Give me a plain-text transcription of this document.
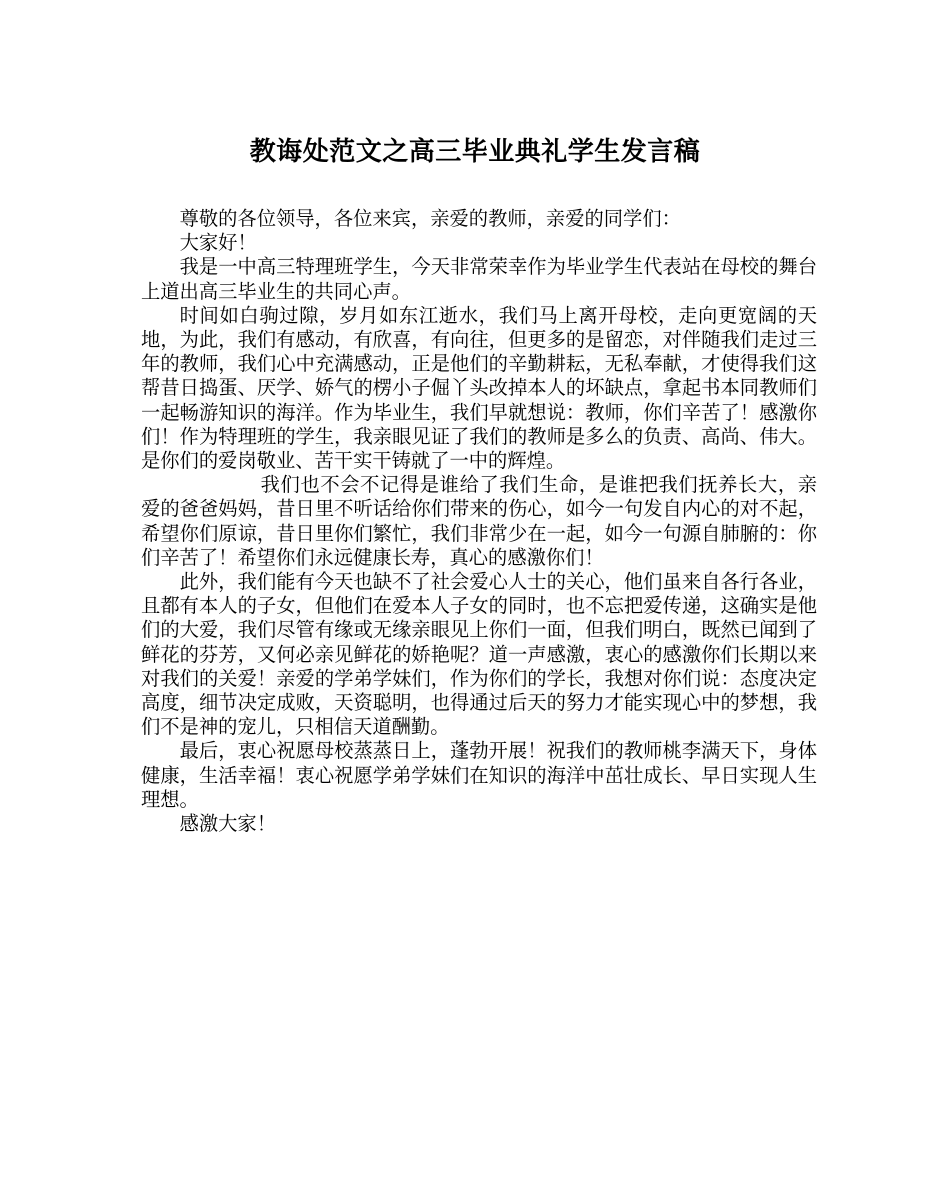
教诲处范文之高三毕业典礼学生发言稿

尊敬的各位领导，各位来宾，亲爱的教师，亲爱的同学们：

大家好！

我是一中高三特理班学生，今天非常荣幸作为毕业学生代表站在母校的舞台上道出高三毕业生的共同心声。

时间如白驹过隙，岁月如东江逝水，我们马上离开母校，走向更宽阔的天地，为此，我们有感动，有欣喜，有向往，但更多的是留恋，对伴随我们走过三年的教师，我们心中充满感动，正是他们的辛勤耕耘，无私奉献，才使得我们这帮昔日捣蛋、厌学、娇气的楞小子倔丫头改掉本人的坏缺点，拿起书本同教师们一起畅游知识的海洋。作为毕业生，我们早就想说：教师，你们辛苦了！感激你们！作为特理班的学生，我亲眼见证了我们的教师是多么的负责、高尚、伟大。是你们的爱岗敬业、苦干实干铸就了一中的辉煌。

我们也不会不记得是谁给了我们生命，是谁把我们抚养长大，亲爱的爸爸妈妈，昔日里不听话给你们带来的伤心，如今一句发自内心的对不起，希望你们原谅，昔日里你们繁忙，我们非常少在一起，如今一句源自肺腑的：你们辛苦了！希望你们永远健康长寿，真心的感激你们！

此外，我们能有今天也缺不了社会爱心人士的关心，他们虽来自各行各业，且都有本人的子女，但他们在爱本人子女的同时，也不忘把爱传递，这确实是他们的大爱，我们尽管有缘或无缘亲眼见上你们一面，但我们明白，既然已闻到了鲜花的芬芳，又何必亲见鲜花的娇艳呢？道一声感激，衷心的感激你们长期以来对我们的关爱！亲爱的学弟学妹们，作为你们的学长，我想对你们说：态度决定高度，细节决定成败，天资聪明，也得通过后天的努力才能实现心中的梦想，我们不是神的宠儿，只相信天道酬勤。

最后，衷心祝愿母校蒸蒸日上，蓬勃开展！祝我们的教师桃李满天下，身体健康，生活幸福！衷心祝愿学弟学妹们在知识的海洋中茁壮成长、早日实现人生理想。

感激大家！
